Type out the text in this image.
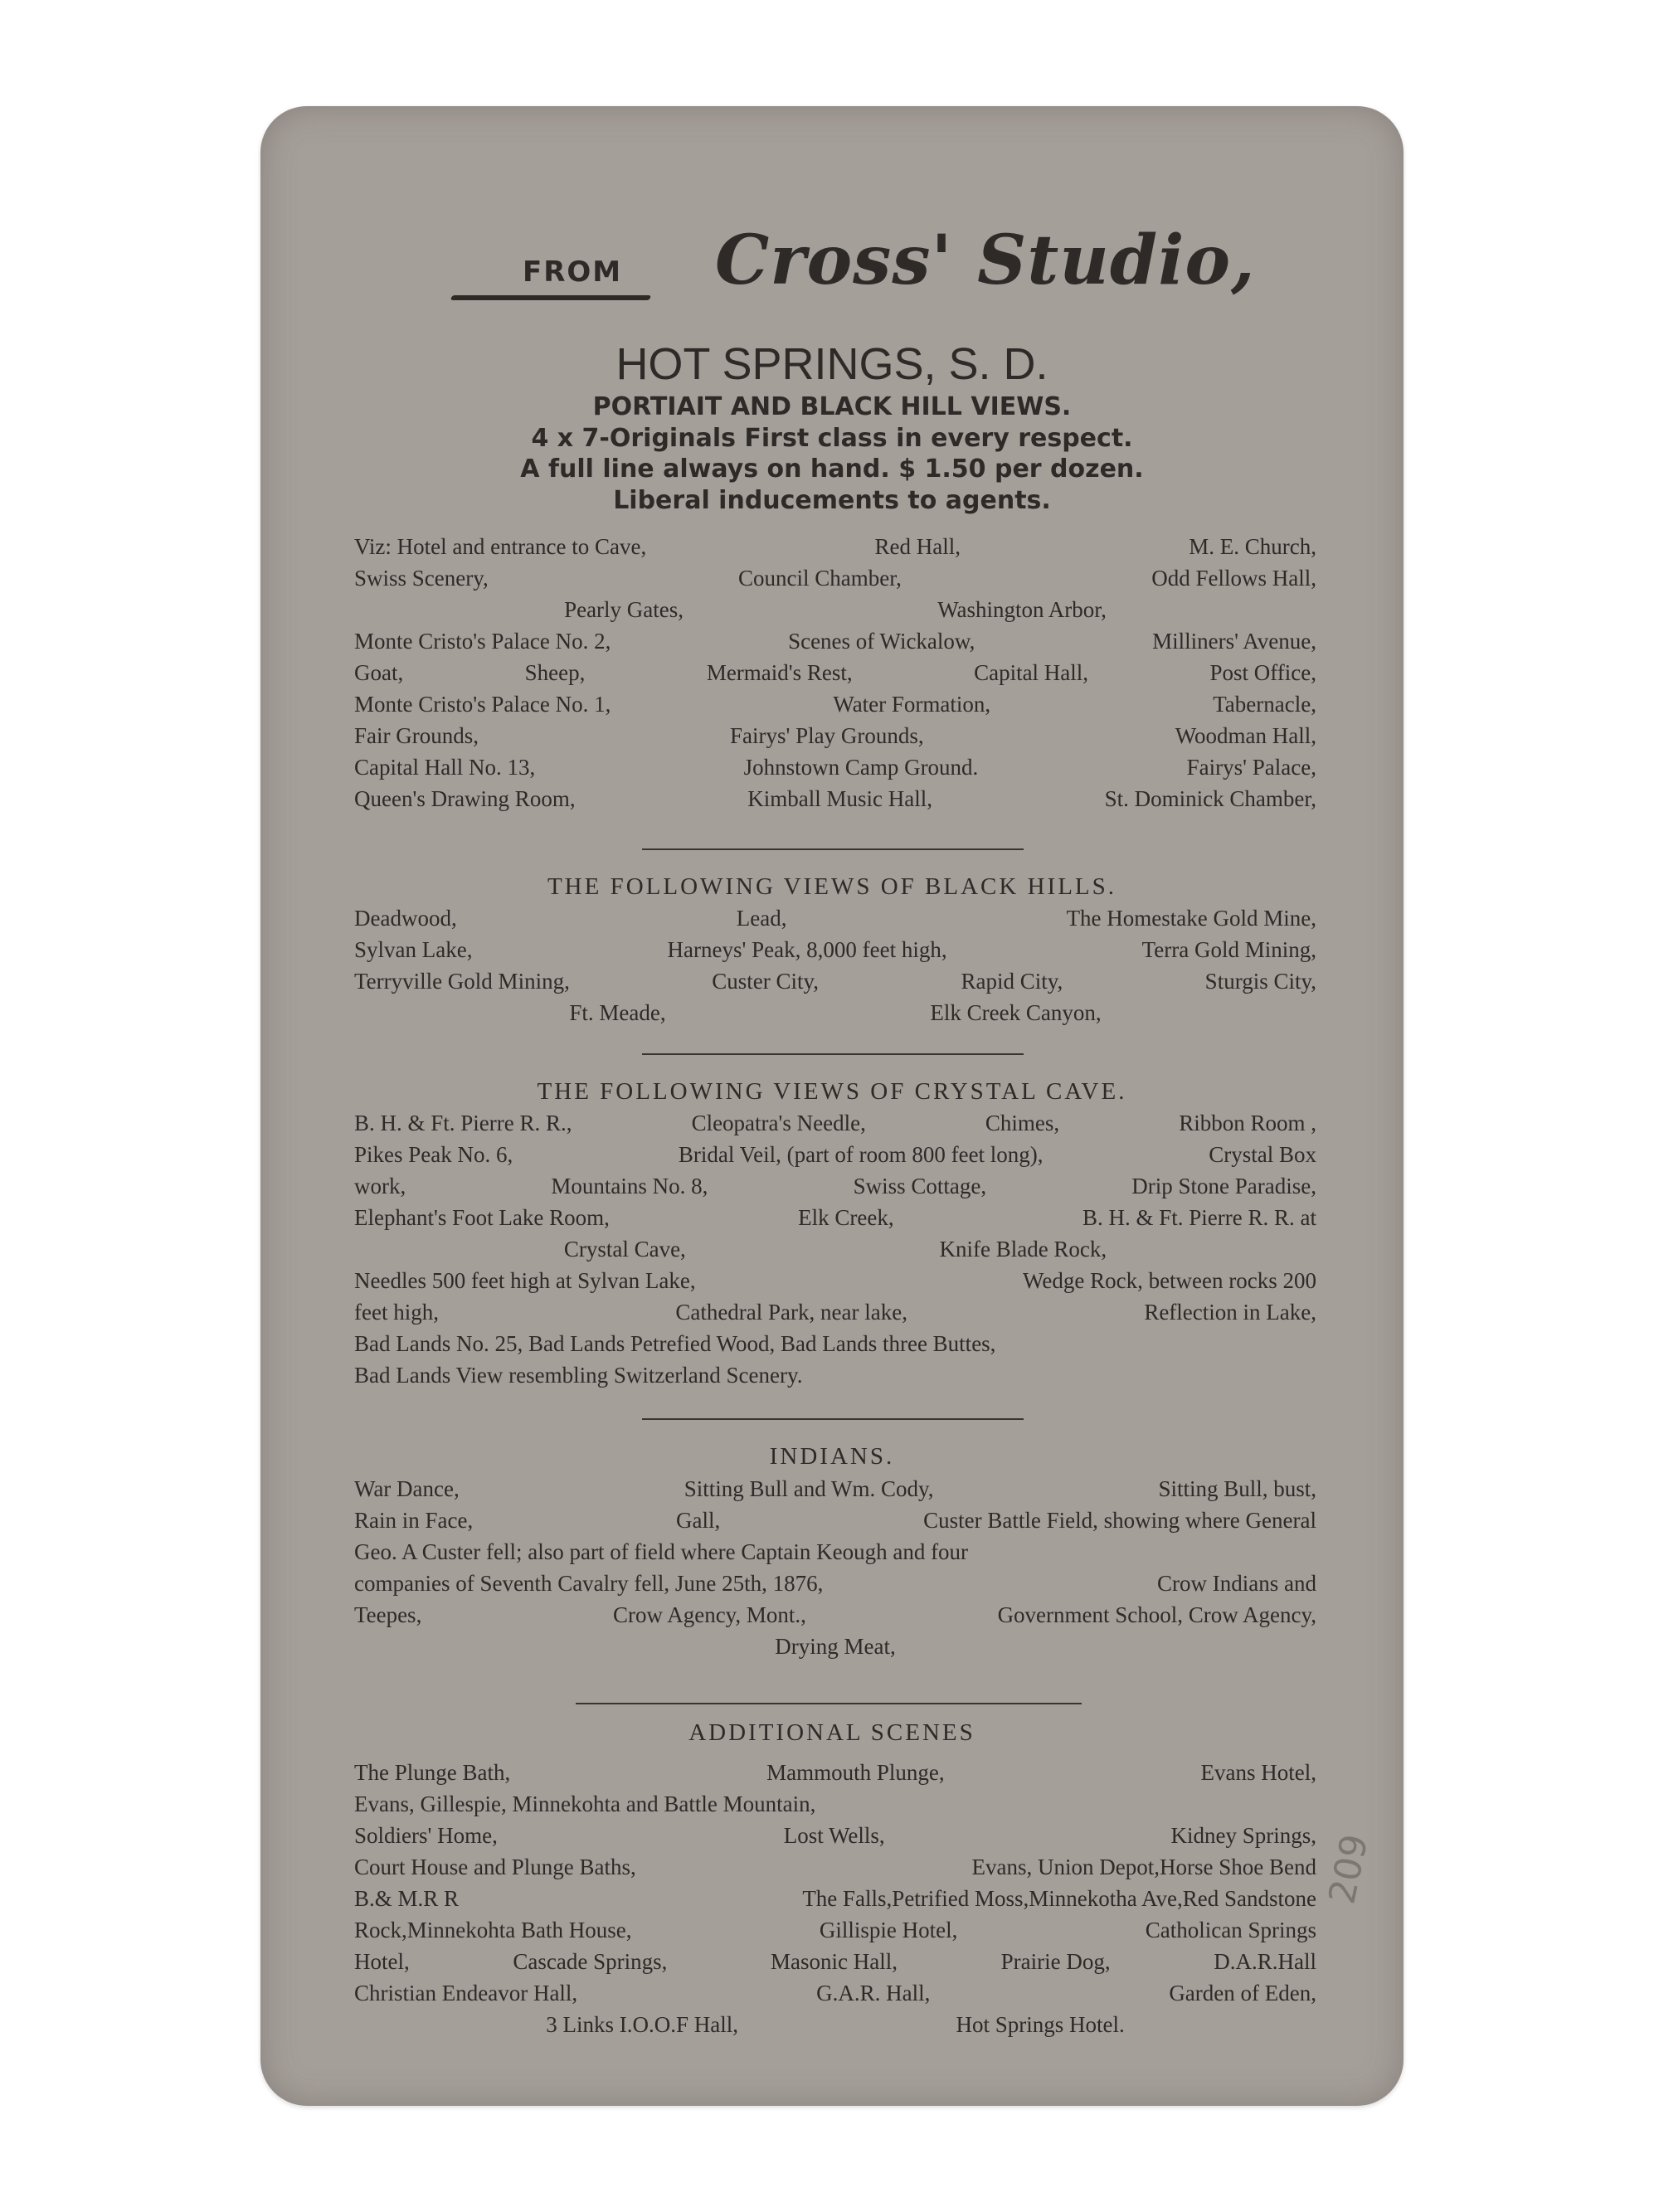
FROM Cross' Studio,
HOT SPRINGS, S. D.
PORTIAIT AND BLACK HILL VIEWS.
4 x 7-Originals First class in every respect.
A full line always on hand. $ 1.50 per dozen.
Liberal inducements to agents.
Viz: Hotel and entrance to Cave,	Red Hall,	M. E. Church,
Swiss Scenery,	Council Chamber,	Odd Fellows Hall,
Pearly Gates,	Washington Arbor,
Monte Cristo's Palace No. 2,	Scenes of Wickalow,	Milliners' Avenue,
Goat,	Sheep,	Mermaid's Rest,	Capital Hall,	Post Office,
Monte Cristo's Palace No. 1,	Water Formation,	Tabernacle,
Fair Grounds,	Fairys' Play Grounds,	Woodman Hall,
Capital Hall No. 13,	Johnstown Camp Ground.	Fairys' Palace,
Queen's Drawing Room,	Kimball Music Hall,	St. Dominick Chamber,
THE FOLLOWING VIEWS OF BLACK HILLS.
Deadwood,	Lead,	The Homestake Gold Mine,
Sylvan Lake,	Harneys' Peak, 8,000 feet high,	Terra Gold Mining,
Terryville Gold Mining,	Custer City,	Rapid City,	Sturgis City,
Ft. Meade,	Elk Creek Canyon,
THE FOLLOWING VIEWS OF CRYSTAL CAVE.
B. H. & Ft. Pierre R. R.,	Cleopatra's Needle,	Chimes,	Ribbon Room ,
Pikes Peak No. 6,	Bridal Veil, (part of room 800 feet long),	Crystal Box
work,	Mountains No. 8,	Swiss Cottage,	Drip Stone Paradise,
Elephant's Foot Lake Room,	Elk Creek,	B. H. & Ft. Pierre R. R. at
Crystal Cave,	Knife Blade Rock,
Needles 500 feet high at Sylvan Lake,	Wedge Rock, between rocks 200
feet high,	Cathedral Park, near lake,	Reflection in Lake,
Bad Lands No. 25, Bad Lands Petrefied Wood, Bad Lands three Buttes,
Bad Lands View resembling Switzerland Scenery.
INDIANS.
War Dance,	Sitting Bull and Wm. Cody,	Sitting Bull, bust,
Rain in Face,	Gall,	Custer Battle Field, showing where General
Geo. A Custer fell; also part of field where Captain Keough and four
companies of Seventh Cavalry fell, June 25th, 1876,	Crow Indians and
Teepes,	Crow Agency, Mont.,	Government School, Crow Agency,
Drying Meat,
ADDITIONAL SCENES
The Plunge Bath,	Mammouth Plunge,	Evans Hotel,
Evans, Gillespie, Minnekohta and Battle Mountain,
Soldiers' Home,	Lost Wells,	Kidney Springs,
Court House and Plunge Baths,	Evans, Union Depot,Horse Shoe Bend
B.& M.R R	The Falls,Petrified Moss,Minnekotha Ave,Red Sandstone
Rock,Minnekohta Bath House,	Gillispie Hotel,	Catholican Springs
Hotel,	Cascade Springs,	Masonic Hall,	Prairie Dog,	D.A.R.Hall
Christian Endeavor Hall,	G.A.R. Hall,	Garden of Eden,
3 Links I.O.O.F Hall,	Hot Springs Hotel.
209
